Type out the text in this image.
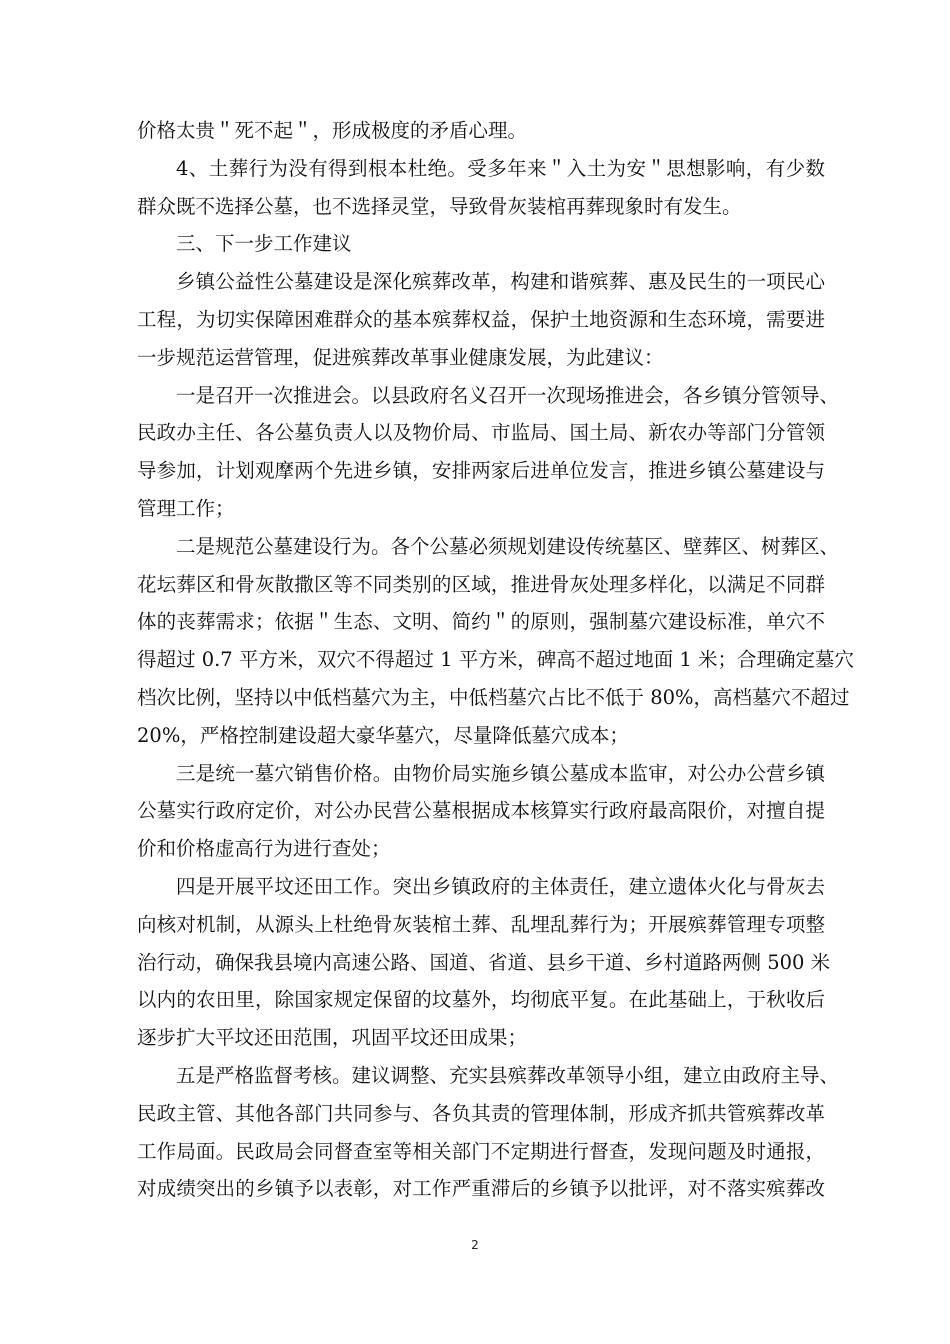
价格太贵＂死不起＂，形成极度的矛盾心理。
4、土葬行为没有得到根本杜绝。受多年来＂入土为安＂思想影响，有少数
群众既不选择公墓，也不选择灵堂，导致骨灰装棺再葬现象时有发生。
三、下一步工作建议
乡镇公益性公墓建设是深化殡葬改革，构建和谐殡葬、惠及民生的一项民心
工程，为切实保障困难群众的基本殡葬权益，保护土地资源和生态环境，需要进
一步规范运营管理，促进殡葬改革事业健康发展，为此建议：
一是召开一次推进会。以县政府名义召开一次现场推进会，各乡镇分管领导、
民政办主任、各公墓负责人以及物价局、市监局、国土局、新农办等部门分管领
导参加，计划观摩两个先进乡镇，安排两家后进单位发言，推进乡镇公墓建设与
管理工作；
二是规范公墓建设行为。各个公墓必须规划建设传统墓区、壁葬区、树葬区、
花坛葬区和骨灰散撒区等不同类别的区域，推进骨灰处理多样化，以满足不同群
体的丧葬需求；依据＂生态、文明、简约＂的原则，强制墓穴建设标准，单穴不
得超过 0.7 平方米，双穴不得超过 1 平方米，碑高不超过地面 1 米；合理确定墓穴
档次比例，坚持以中低档墓穴为主，中低档墓穴占比不低于 80%，高档墓穴不超过
20%，严格控制建设超大豪华墓穴，尽量降低墓穴成本；
三是统一墓穴销售价格。由物价局实施乡镇公墓成本监审，对公办公营乡镇
公墓实行政府定价，对公办民营公墓根据成本核算实行政府最高限价，对擅自提
价和价格虚高行为进行查处；
四是开展平坟还田工作。突出乡镇政府的主体责任，建立遗体火化与骨灰去
向核对机制，从源头上杜绝骨灰装棺土葬、乱埋乱葬行为；开展殡葬管理专项整
治行动，确保我县境内高速公路、国道、省道、县乡干道、乡村道路两侧 500 米
以内的农田里，除国家规定保留的坟墓外，均彻底平复。在此基础上，于秋收后
逐步扩大平坟还田范围，巩固平坟还田成果；
五是严格监督考核。建议调整、充实县殡葬改革领导小组，建立由政府主导、
民政主管、其他各部门共同参与、各负其责的管理体制，形成齐抓共管殡葬改革
工作局面。民政局会同督查室等相关部门不定期进行督查，发现问题及时通报，
对成绩突出的乡镇予以表彰，对工作严重滞后的乡镇予以批评，对不落实殡葬改
2
